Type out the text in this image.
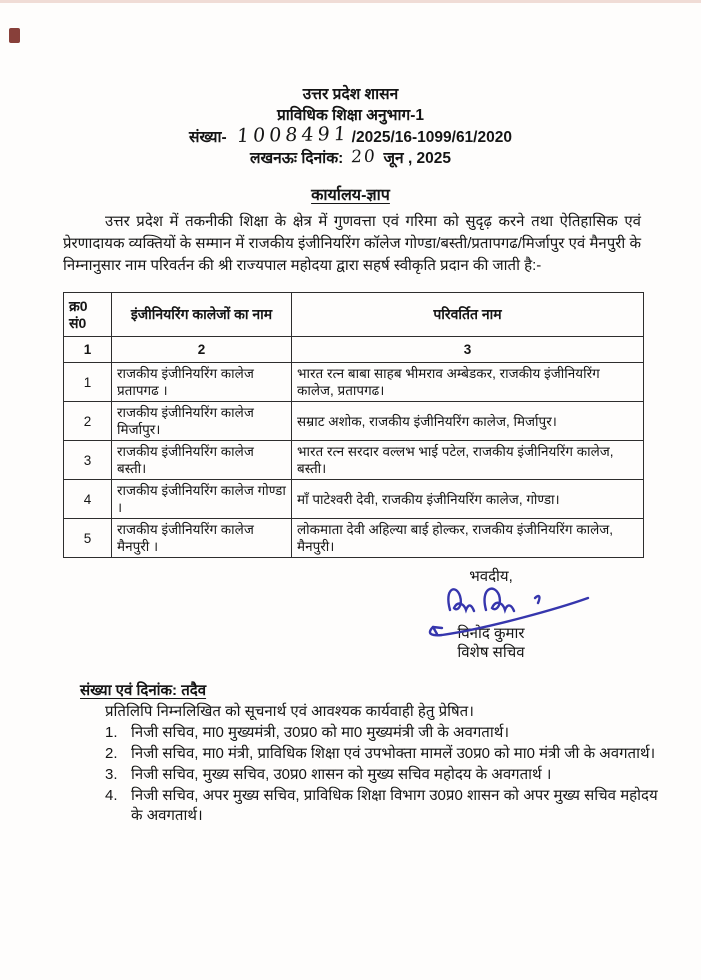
उत्तर प्रदेश शासन
प्राविधिक शिक्षा अनुभाग-1
संख्या- 1008491/2025/16-1099/61/2020
लखनऊः दिनांक: 20 जून , 2025
कार्यालय-ज्ञाप
उत्तर प्रदेश में तकनीकी शिक्षा के क्षेत्र में गुणवत्ता एवं गरिमा को सुदृढ़ करने तथा ऐतिहासिक एवं प्रेरणादायक व्यक्तियों के सम्मान में राजकीय इंजीनियरिंग कॉलेज गोण्डा/बस्ती/प्रतापगढ/मिर्जापुर एवं मैनपुरी के निम्नानुसार नाम परिवर्तन की श्री राज्यपाल महोदया द्वारा सहर्ष स्वीकृति प्रदान की जाती है:-
क्र0 सं0	इंजीनियरिंग कालेजों का नाम	परिवर्तित नाम
1	2	3
1	राजकीय इंजीनियरिंग कालेज प्रतापगढ ।	भारत रत्न बाबा साहब भीमराव अम्बेडकर, राजकीय इंजीनियरिंग कालेज, प्रतापगढ।
2	राजकीय इंजीनियरिंग कालेज मिर्जापुर।	सम्राट अशोक, राजकीय इंजीनियरिंग कालेज, मिर्जापुर।
3	राजकीय इंजीनियरिंग कालेज बस्ती।	भारत रत्न सरदार वल्लभ भाई पटेल, राजकीय इंजीनियरिंग कालेज, बस्ती।
4	राजकीय इंजीनियरिंग कालेज गोण्डा ।	माँ पाटेश्वरी देवी, राजकीय इंजीनियरिंग कालेज, गोण्डा।
5	राजकीय इंजीनियरिंग कालेज मैनपुरी ।	लोकमाता देवी अहिल्या बाई होल्कर, राजकीय इंजीनियरिंग कालेज, मैनपुरी।
भवदीय,
विनोद कुमार
विशेष सचिव
संख्या एवं दिनांक: तदैव
प्रतिलिपि निम्नलिखित को सूचनार्थ एवं आवश्यक कार्यवाही हेतु प्रेषित।
1. निजी सचिव, मा0 मुख्यमंत्री, उ0प्र0 को मा0 मुख्यमंत्री जी के अवगतार्थ।
2. निजी सचिव, मा0 मंत्री, प्राविधिक शिक्षा एवं उपभोक्ता मामलें उ0प्र0 को मा0 मंत्री जी के अवगतार्थ।
3. निजी सचिव, मुख्य सचिव, उ0प्र0 शासन को मुख्य सचिव महोदय के अवगतार्थ ।
4. निजी सचिव, अपर मुख्य सचिव, प्राविधिक शिक्षा विभाग उ0प्र0 शासन को अपर मुख्य सचिव महोदय के अवगतार्थ।
